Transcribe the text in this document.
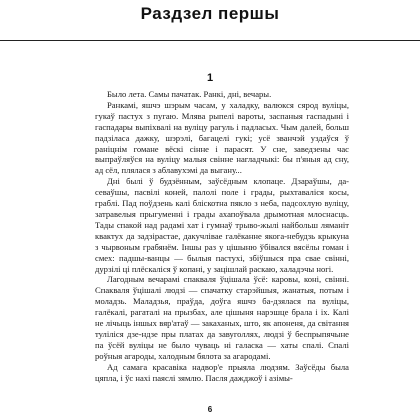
Раздзел першы
1

Было лета. Самы пачатак. Ранкі, дні, вечары.

Ранкамі, яшчэ шэрым часам, у халадку, валюкся сярод вуліцы, гукаў пастух з пугаю. Млява рыпелі вароты, заспаныя гаспадыні і гаспадары выпіхвалі на вуліцу рагуль і падласых. Чым далей, больш падзіласа дажку, шэрэлі, багацелі гукі; усё званчэй уздаўся ў раніцнім гомане вёскі сінне і парасят. У сне, заведзены час выпраўляўся на вуліцу малыя свінне нагладчыкі: бы п'яныя ад сну, ад сёл, плялася з аблавухэмі да выгану...

Дні былі ў будзённым, заўсёдным клопаце. Дзараўшы, да-севаўшы, пасвілі коней, палолі поле і грады, рыхтаваліся косы, граблі. Пад поўдзень калі бліскотна пякло з неба, падсохлую вуліцу, затравелыя прыгуменні і грады ахапоўвала дрымотная млоснасць. Тады спакой над радамі хат і гумнаў трыво-жылі найбольш ляманіт квактух да задзірастае, дакучлівае галёканне якога-небудзь крыкуна з чырвоным грабянём. Іншы раз у цішыню ўбівался вясёлы гоман і смех: падшы-ванцы — былыя пастухі, збіўшыся пра свае свінні, дурзілі ці плёскаліся ў копані, у зацішлай раскаю, халадэчы ногі.

Лагодным вечарамі спакваля ўцішала ўсё: каровы, коні, свінні. Спакваля ўцішалі людзі — спачатку старэйшыя, жанатыя, потым і моладзь. Маладзья, праўда, доўга яшчэ ба-дзялася па вуліцы, галёкалі, рагаталі на прызбах, але цішыня нарэшце брала і іх. Калі не лічыць іншых вяр'атаў — закаханых, што, як апоненя, да світання туліліся дзе-ндзе пры платах да завуголлях, людзі ў беспрыпячыне па ўсёй вуліцы не было чуваць ні галаска — хаты спалі. Спалі роўныя агароды, халодным бялота за агародамі.

Ад самага красавіка надвор'е прыяла людзям. Заўсёды была цяпла, і ўс нахі паяслі зямлю. Пасля дажджоў і азімы-

6
